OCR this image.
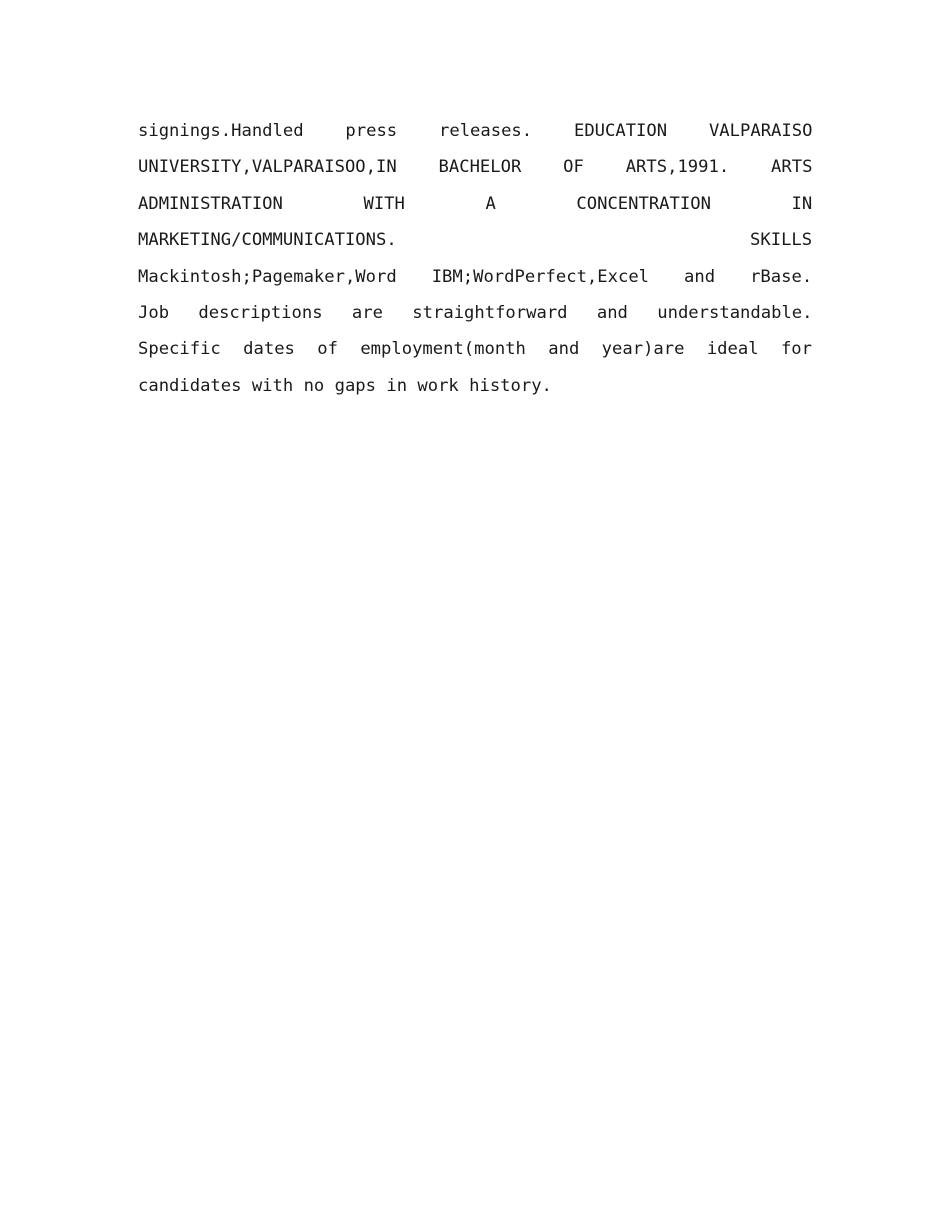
signings.Handled press releases. EDUCATION VALPARAISO
UNIVERSITY,VALPARAISOO,IN BACHELOR OF ARTS,1991. ARTS
ADMINISTRATION WITH A CONCENTRATION IN
MARKETING/COMMUNICATIONS. SKILLS
Mackintosh;Pagemaker,Word IBM;WordPerfect,Excel and rBase.
Job descriptions are straightforward and understandable.
Specific dates of employment(month and year)are ideal for
candidates with no gaps in work history.
